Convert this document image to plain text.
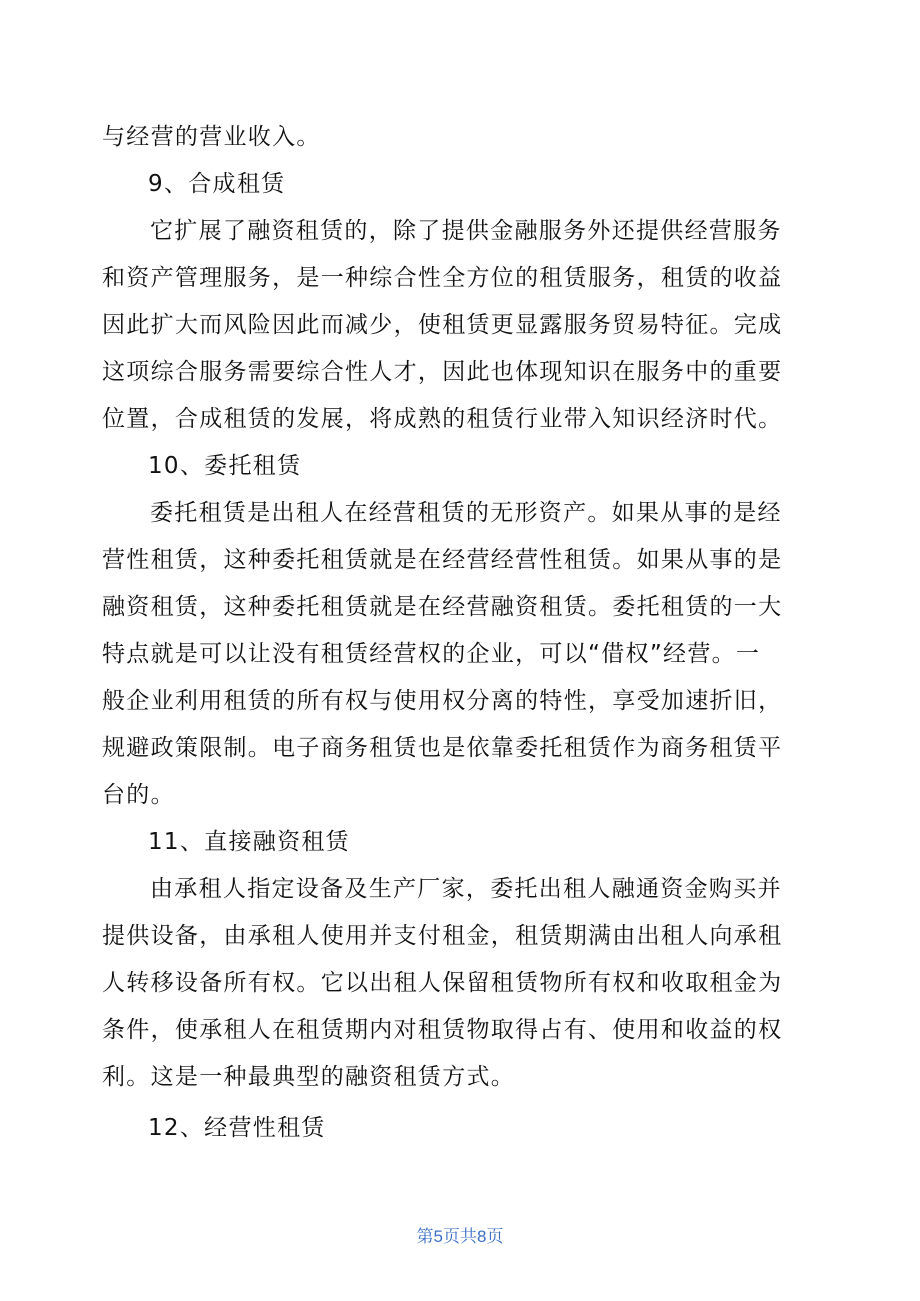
与经营的营业收入。
9、合成租赁
它扩展了融资租赁的，除了提供金融服务外还提供经营服务
和资产管理服务，是一种综合性全方位的租赁服务，租赁的收益
因此扩大而风险因此而减少，使租赁更显露服务贸易特征。完成
这项综合服务需要综合性人才，因此也体现知识在服务中的重要
位置，合成租赁的发展，将成熟的租赁行业带入知识经济时代。
10、委托租赁
委托租赁是出租人在经营租赁的无形资产。如果从事的是经
营性租赁，这种委托租赁就是在经营经营性租赁。如果从事的是
融资租赁，这种委托租赁就是在经营融资租赁。委托租赁的一大
特点就是可以让没有租赁经营权的企业，可以“借权”经营。一
般企业利用租赁的所有权与使用权分离的特性，享受加速折旧，
规避政策限制。电子商务租赁也是依靠委托租赁作为商务租赁平
台的。
11、直接融资租赁
由承租人指定设备及生产厂家，委托出租人融通资金购买并
提供设备，由承租人使用并支付租金，租赁期满由出租人向承租
人转移设备所有权。它以出租人保留租赁物所有权和收取租金为
条件，使承租人在租赁期内对租赁物取得占有、使用和收益的权
利。这是一种最典型的融资租赁方式。
12、经营性租赁
第5页共8页
